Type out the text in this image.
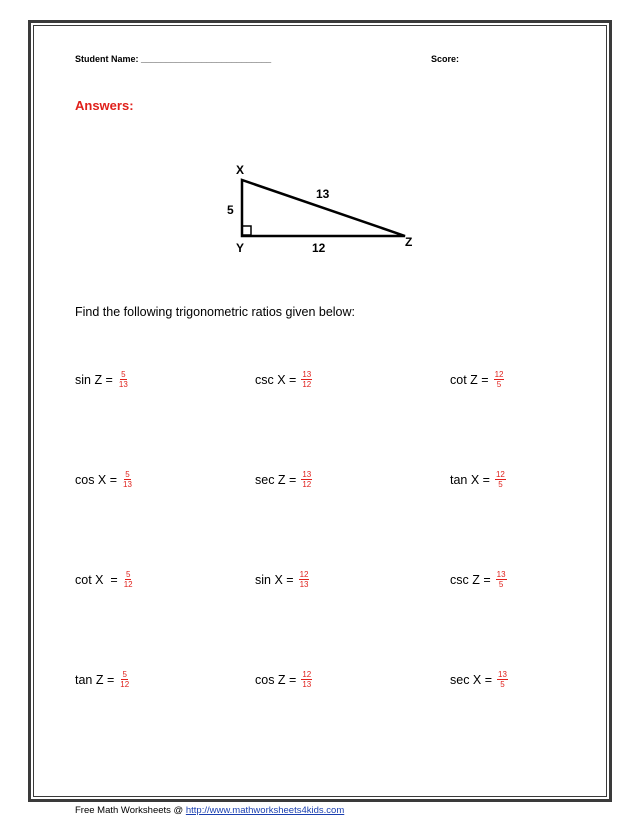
Student Name: __________________________	Score:
Answers:
X
Y	Z
5
13
12
Find the following trigonometric ratios given below:
$\sin Z = \frac{5}{13}$	$\csc X = \frac{13}{12}$	$\cot Z = \frac{12}{5}$
$\cos X = \frac{5}{13}$	$\sec Z = \frac{13}{12}$	$\tan X = \frac{12}{5}$
$\cot X = \frac{5}{12}$	$\sin X = \frac{12}{13}$	$\csc Z = \frac{13}{5}$
$\tan Z = \frac{5}{12}$	$\cos Z = \frac{12}{13}$	$\sec X = \frac{13}{5}$
Free Math Worksheets @ http://www.mathworksheets4kids.com
